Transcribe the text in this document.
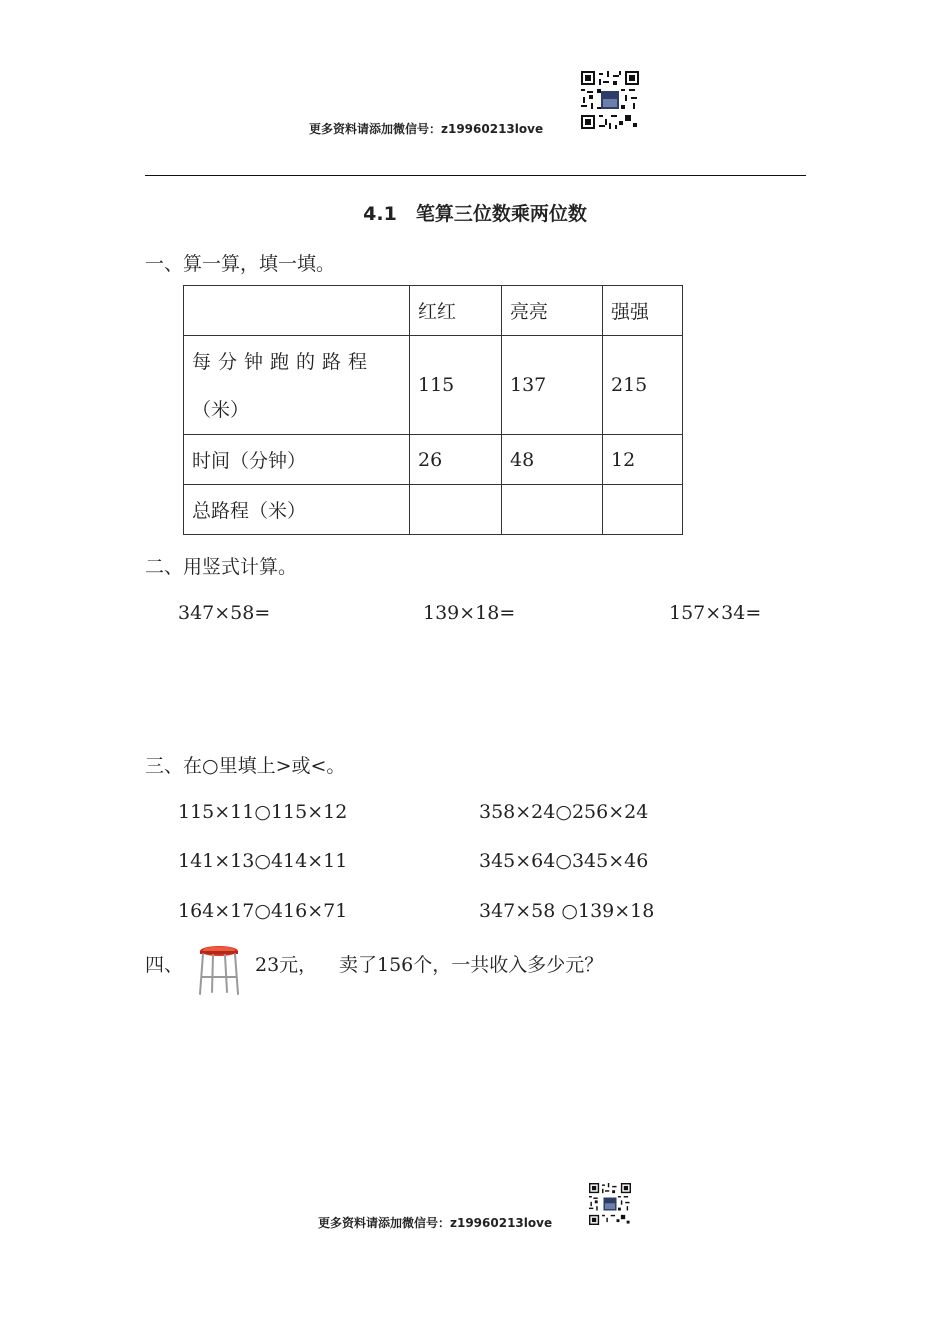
更多资料请添加微信号：z19960213love
4.1　笔算三位数乘两位数
一、算一算，填一填。
	红红	亮亮	强强

每分钟跑的路程
（米）	115	137	215
时间（分钟）	26	48	12
总路程（米）			
二、用竖式计算。
347×58=	139×18=	157×34=
三、在○里填上>或<。
115×11○115×12	358×24○256×24
141×13○414×11	345×64○345×46
164×17○416×71	347×58 ○139×18
四、	23元， 卖了156个，一共收入多少元？
更多资料请添加微信号：z19960213love
